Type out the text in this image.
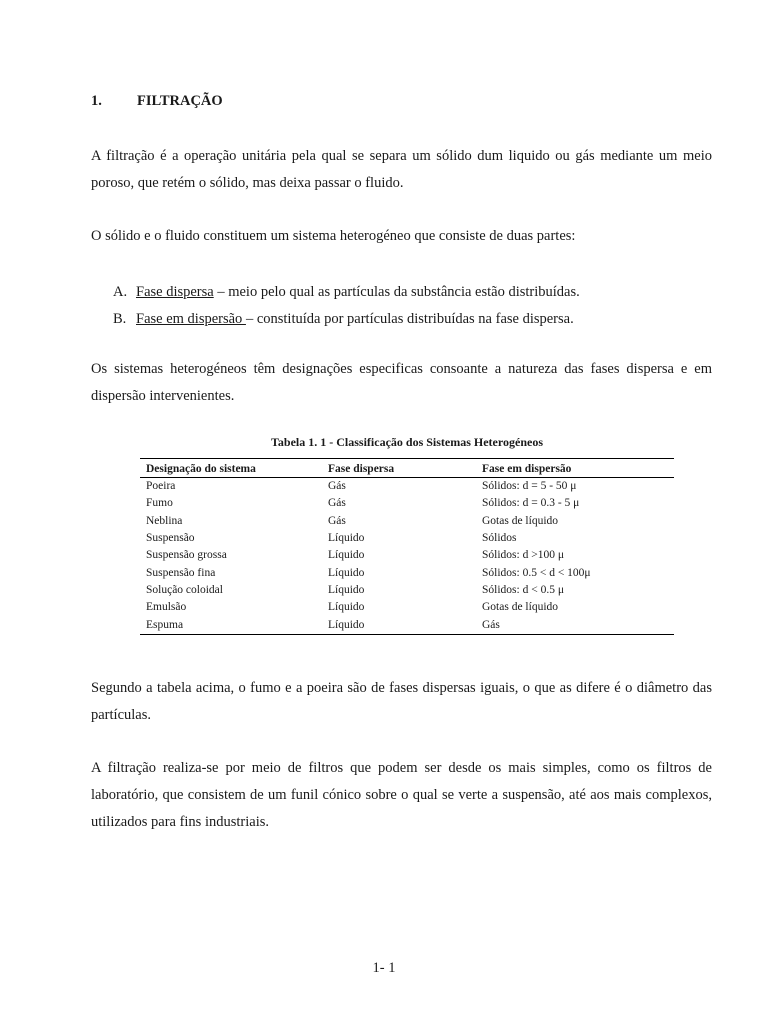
1. FILTRAÇÃO
A filtração é a operação unitária pela qual se separa um sólido dum liquido ou gás mediante um meio poroso, que retém o sólido, mas deixa passar o fluido.
O sólido e o fluido constituem um sistema heterogéneo que consiste de duas partes:
A. Fase dispersa – meio pelo qual as partículas da substância estão distribuídas.
B. Fase em dispersão – constituída por partículas distribuídas na fase dispersa.
Os sistemas heterogéneos têm designações especificas consoante a natureza das fases dispersa e em dispersão intervenientes.
Tabela 1. 1 - Classificação dos Sistemas Heterogéneos
Designação do sistema	Fase dispersa	Fase em dispersão
Poeira	Gás	Sólidos: d = 5 - 50 μ
Fumo	Gás	Sólidos: d = 0.3 - 5 μ
Neblina	Gás	Gotas de líquido
Suspensão	Líquido	Sólidos
Suspensão grossa	Líquido	Sólidos: d >100 μ
Suspensão fina	Líquido	Sólidos: 0.5 < d < 100μ
Solução coloidal	Líquido	Sólidos: d < 0.5 μ
Emulsão	Líquido	Gotas de líquido
Espuma	Líquido	Gás
Segundo a tabela acima, o fumo e a poeira são de fases dispersas iguais, o que as difere é o diâmetro das partículas.
A filtração realiza-se por meio de filtros que podem ser desde os mais simples, como os filtros de laboratório, que consistem de um funil cónico sobre o qual se verte a suspensão, até aos mais complexos, utilizados para fins industriais.
1- 1
